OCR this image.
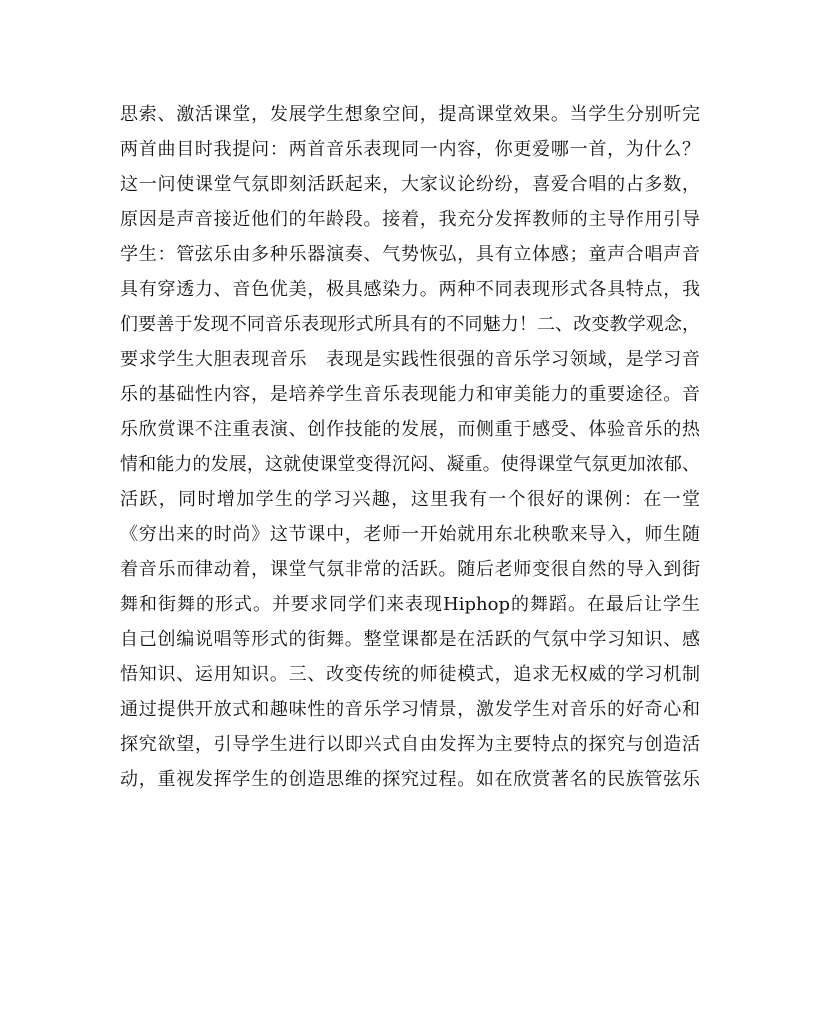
思索、激活课堂，发展学生想象空间，提高课堂效果。当学生分别听完
两首曲目时我提问：两首音乐表现同一内容，你更爱哪一首，为什么？
这一问使课堂气氛即刻活跃起来，大家议论纷纷，喜爱合唱的占多数，
原因是声音接近他们的年龄段。接着，我充分发挥教师的主导作用引导
学生：管弦乐由多种乐器演奏、气势恢弘，具有立体感；童声合唱声音
具有穿透力、音色优美，极具感染力。两种不同表现形式各具特点，我
们要善于发现不同音乐表现形式所具有的不同魅力！二、改变教学观念，
要求学生大胆表现音乐　表现是实践性很强的音乐学习领域，是学习音
乐的基础性内容，是培养学生音乐表现能力和审美能力的重要途径。音
乐欣赏课不注重表演、创作技能的发展，而侧重于感受、体验音乐的热
情和能力的发展，这就使课堂变得沉闷、凝重。使得课堂气氛更加浓郁、
活跃，同时增加学生的学习兴趣，这里我有一个很好的课例：在一堂
《穷出来的时尚》这节课中，老师一开始就用东北秧歌来导入，师生随
着音乐而律动着，课堂气氛非常的活跃。随后老师变很自然的导入到街
舞和街舞的形式。并要求同学们来表现Hiphop的舞蹈。在最后让学生
自己创编说唱等形式的街舞。整堂课都是在活跃的气氛中学习知识、感
悟知识、运用知识。三、改变传统的师徒模式，追求无权威的学习机制
通过提供开放式和趣味性的音乐学习情景，激发学生对音乐的好奇心和
探究欲望，引导学生进行以即兴式自由发挥为主要特点的探究与创造活
动，重视发挥学生的创造思维的探究过程。如在欣赏著名的民族管弦乐
